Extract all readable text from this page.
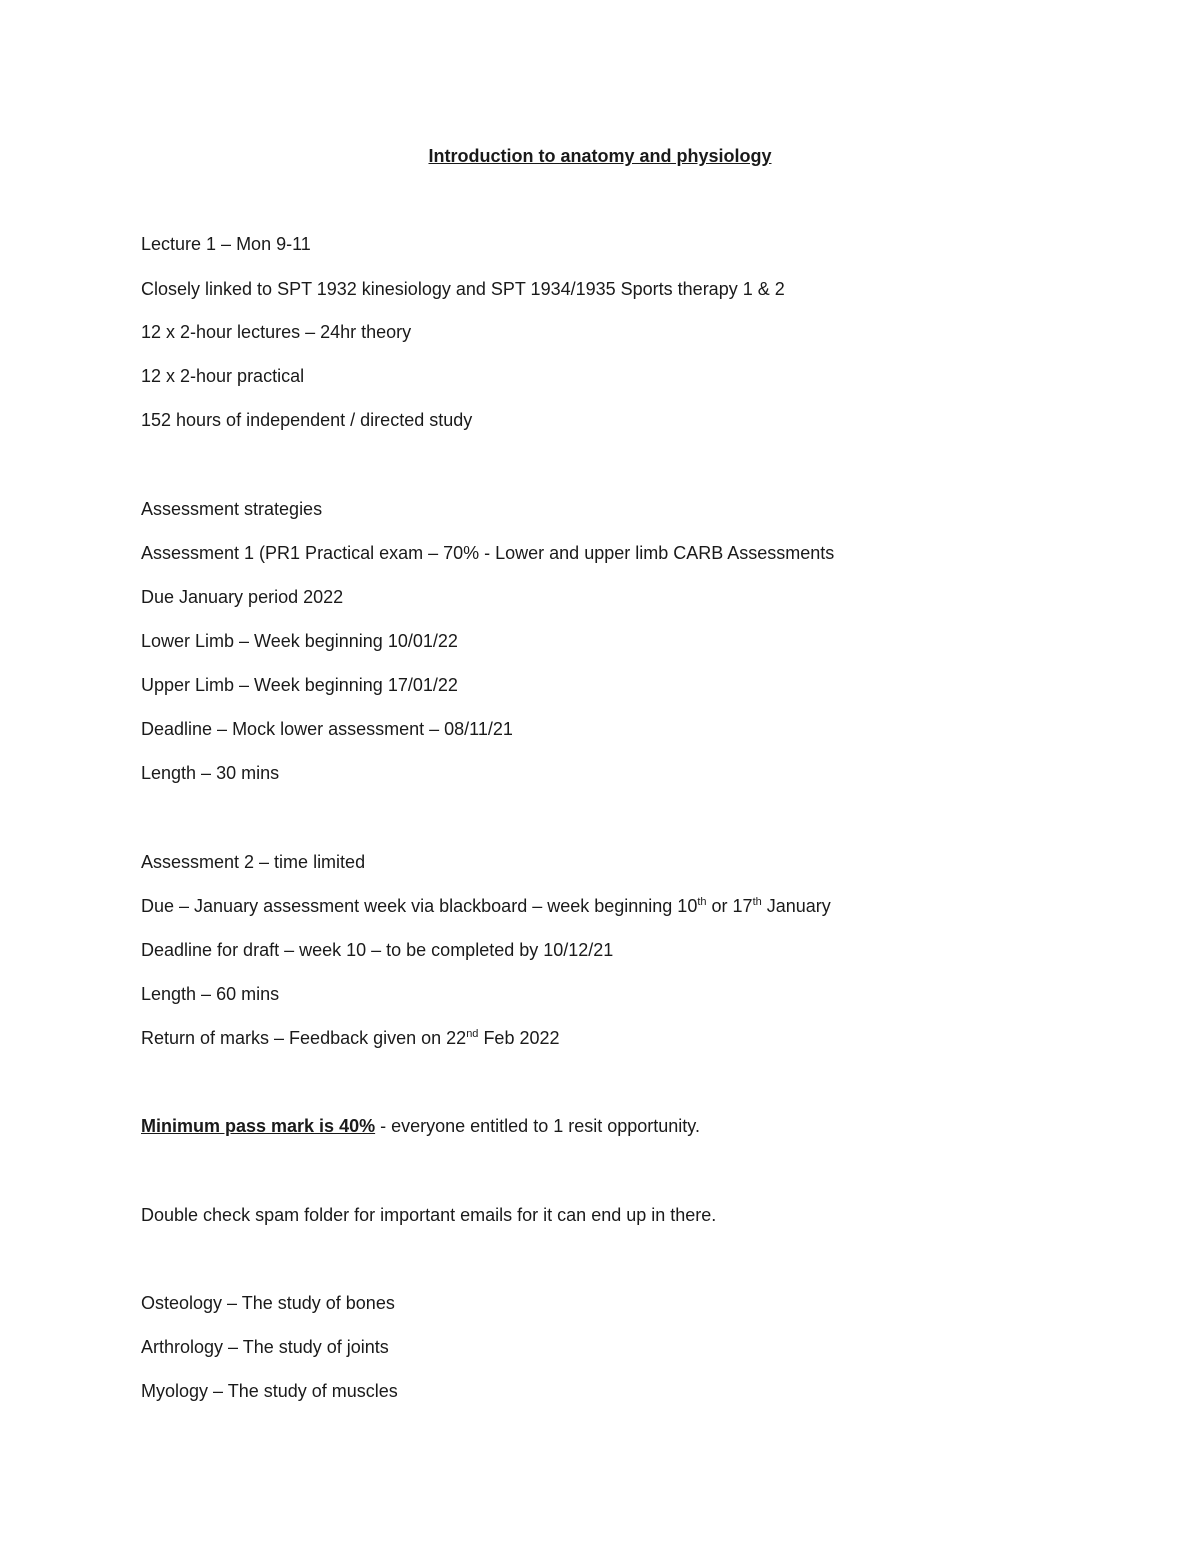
Introduction to anatomy and physiology
Lecture 1 – Mon 9-11
Closely linked to SPT 1932 kinesiology and SPT 1934/1935 Sports therapy 1 & 2
12 x 2-hour lectures – 24hr theory
12 x 2-hour practical
152 hours of independent / directed study
Assessment strategies
Assessment 1 (PR1 Practical exam – 70% - Lower and upper limb CARB Assessments
Due January period 2022
Lower Limb – Week beginning 10/01/22
Upper Limb – Week beginning 17/01/22
Deadline – Mock lower assessment – 08/11/21
Length – 30 mins
Assessment 2 – time limited
Due – January assessment week via blackboard – week beginning 10th or 17th January
Deadline for draft – week 10 – to be completed by 10/12/21
Length – 60 mins
Return of marks – Feedback given on 22nd Feb 2022
Minimum pass mark is 40% - everyone entitled to 1 resit opportunity.
Double check spam folder for important emails for it can end up in there.
Osteology – The study of bones
Arthrology – The study of joints
Myology – The study of muscles
